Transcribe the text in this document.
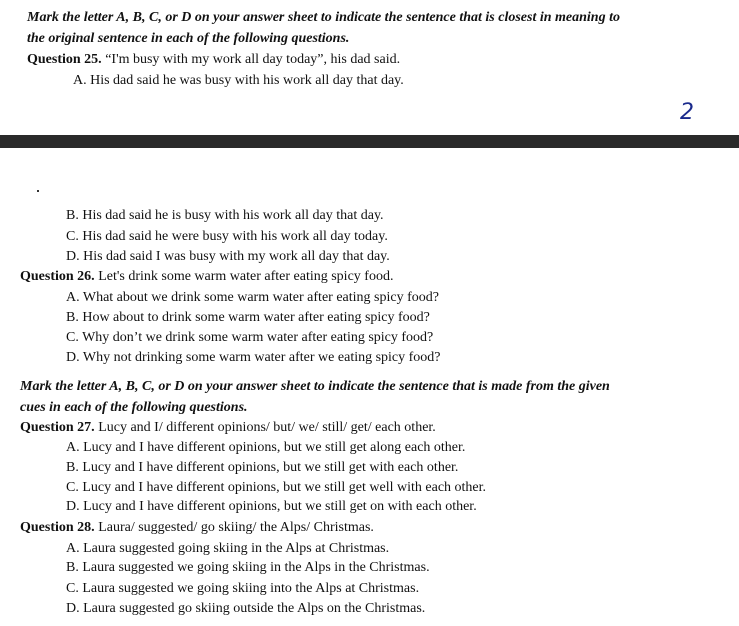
Mark the letter A, B, C, or D on your answer sheet to indicate the sentence that is closest in meaning to
the original sentence in each of the following questions.
Question 25. “I'm busy with my work all day today”, his dad said.
A. His dad said he was busy with his work all day that day.
2
B. His dad said he is busy with his work all day that day.
C. His dad said he were busy with his work all day today.
D. His dad said I was busy with my work all day that day.
Question 26. Let's drink some warm water after eating spicy food.
A. What about we drink some warm water after eating spicy food?
B. How about to drink some warm water after eating spicy food?
C. Why don’t we drink some warm water after eating spicy food?
D. Why not drinking some warm water after we eating spicy food?
Mark the letter A, B, C, or D on your answer sheet to indicate the sentence that is made from the given
cues in each of the following questions.
Question 27. Lucy and I/ different opinions/ but/ we/ still/ get/ each other.
A. Lucy and I have different opinions, but we still get along each other.
B. Lucy and I have different opinions, but we still get with each other.
C. Lucy and I have different opinions, but we still get well with each other.
D. Lucy and I have different opinions, but we still get on with each other.
Question 28. Laura/ suggested/ go skiing/ the Alps/ Christmas.
A. Laura suggested going skiing in the Alps at Christmas.
B. Laura suggested we going skiing in the Alps in the Christmas.
C. Laura suggested we going skiing into the Alps at Christmas.
D. Laura suggested go skiing outside the Alps on the Christmas.
